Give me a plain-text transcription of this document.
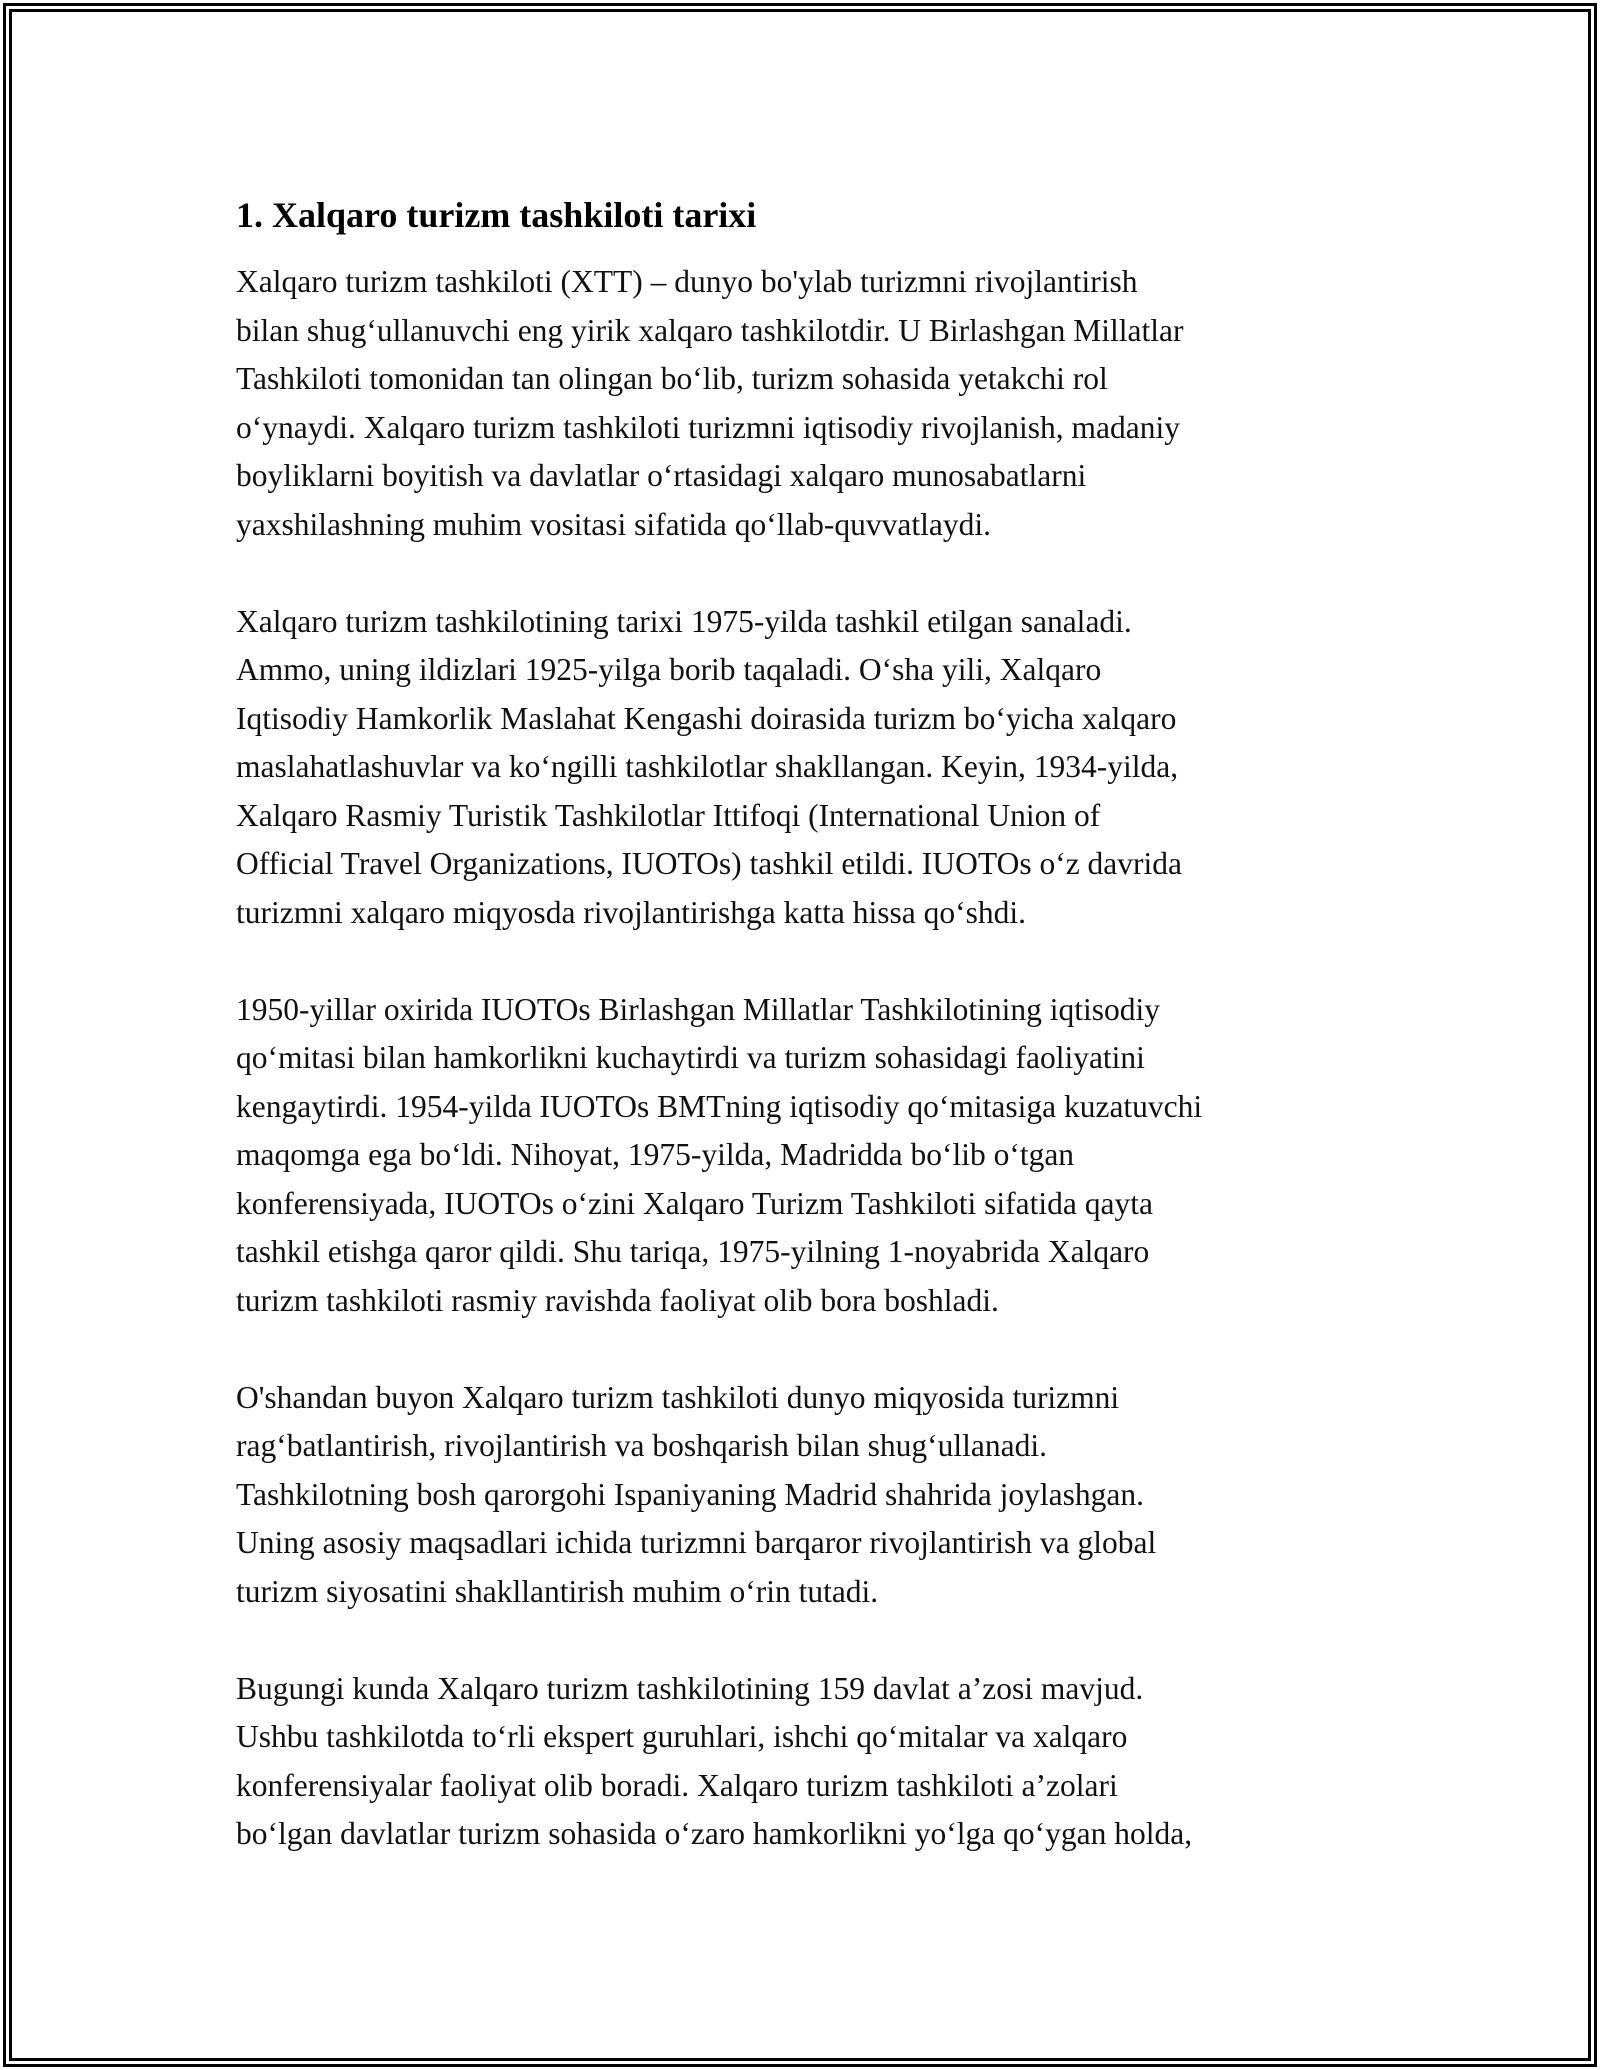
1. Xalqaro turizm tashkiloti tarixi
Xalqaro turizm tashkiloti (XTT) – dunyo bo'ylab turizmni rivojlantirish
bilan shugʻullanuvchi eng yirik xalqaro tashkilotdir. U Birlashgan Millatlar
Tashkiloti tomonidan tan olingan boʻlib, turizm sohasida yetakchi rol
oʻynaydi. Xalqaro turizm tashkiloti turizmni iqtisodiy rivojlanish, madaniy
boyliklarni boyitish va davlatlar oʻrtasidagi xalqaro munosabatlarni
yaxshilashning muhim vositasi sifatida qoʻllab-quvvatlaydi.
Xalqaro turizm tashkilotining tarixi 1975-yilda tashkil etilgan sanaladi.
Ammo, uning ildizlari 1925-yilga borib taqaladi. Oʻsha yili, Xalqaro
Iqtisodiy Hamkorlik Maslahat Kengashi doirasida turizm boʻyicha xalqaro
maslahatlashuvlar va koʻngilli tashkilotlar shakllangan. Keyin, 1934-yilda,
Xalqaro Rasmiy Turistik Tashkilotlar Ittifoqi (International Union of
Official Travel Organizations, IUOTOs) tashkil etildi. IUOTOs oʻz davrida
turizmni xalqaro miqyosda rivojlantirishga katta hissa qoʻshdi.
1950-yillar oxirida IUOTOs Birlashgan Millatlar Tashkilotining iqtisodiy
qoʻmitasi bilan hamkorlikni kuchaytirdi va turizm sohasidagi faoliyatini
kengaytirdi. 1954-yilda IUOTOs BMTning iqtisodiy qoʻmitasiga kuzatuvchi
maqomga ega boʻldi. Nihoyat, 1975-yilda, Madridda boʻlib oʻtgan
konferensiyada, IUOTOs oʻzini Xalqaro Turizm Tashkiloti sifatida qayta
tashkil etishga qaror qildi. Shu tariqa, 1975-yilning 1-noyabrida Xalqaro
turizm tashkiloti rasmiy ravishda faoliyat olib bora boshladi.
O'shandan buyon Xalqaro turizm tashkiloti dunyo miqyosida turizmni
ragʻbatlantirish, rivojlantirish va boshqarish bilan shugʻullanadi.
Tashkilotning bosh qarorgohi Ispaniyaning Madrid shahrida joylashgan.
Uning asosiy maqsadlari ichida turizmni barqaror rivojlantirish va global
turizm siyosatini shakllantirish muhim oʻrin tutadi.
Bugungi kunda Xalqaro turizm tashkilotining 159 davlat a’zosi mavjud.
Ushbu tashkilotda toʻrli ekspert guruhlari, ishchi qoʻmitalar va xalqaro
konferensiyalar faoliyat olib boradi. Xalqaro turizm tashkiloti a’zolari
boʻlgan davlatlar turizm sohasida oʻzaro hamkorlikni yoʻlga qoʻygan holda,
